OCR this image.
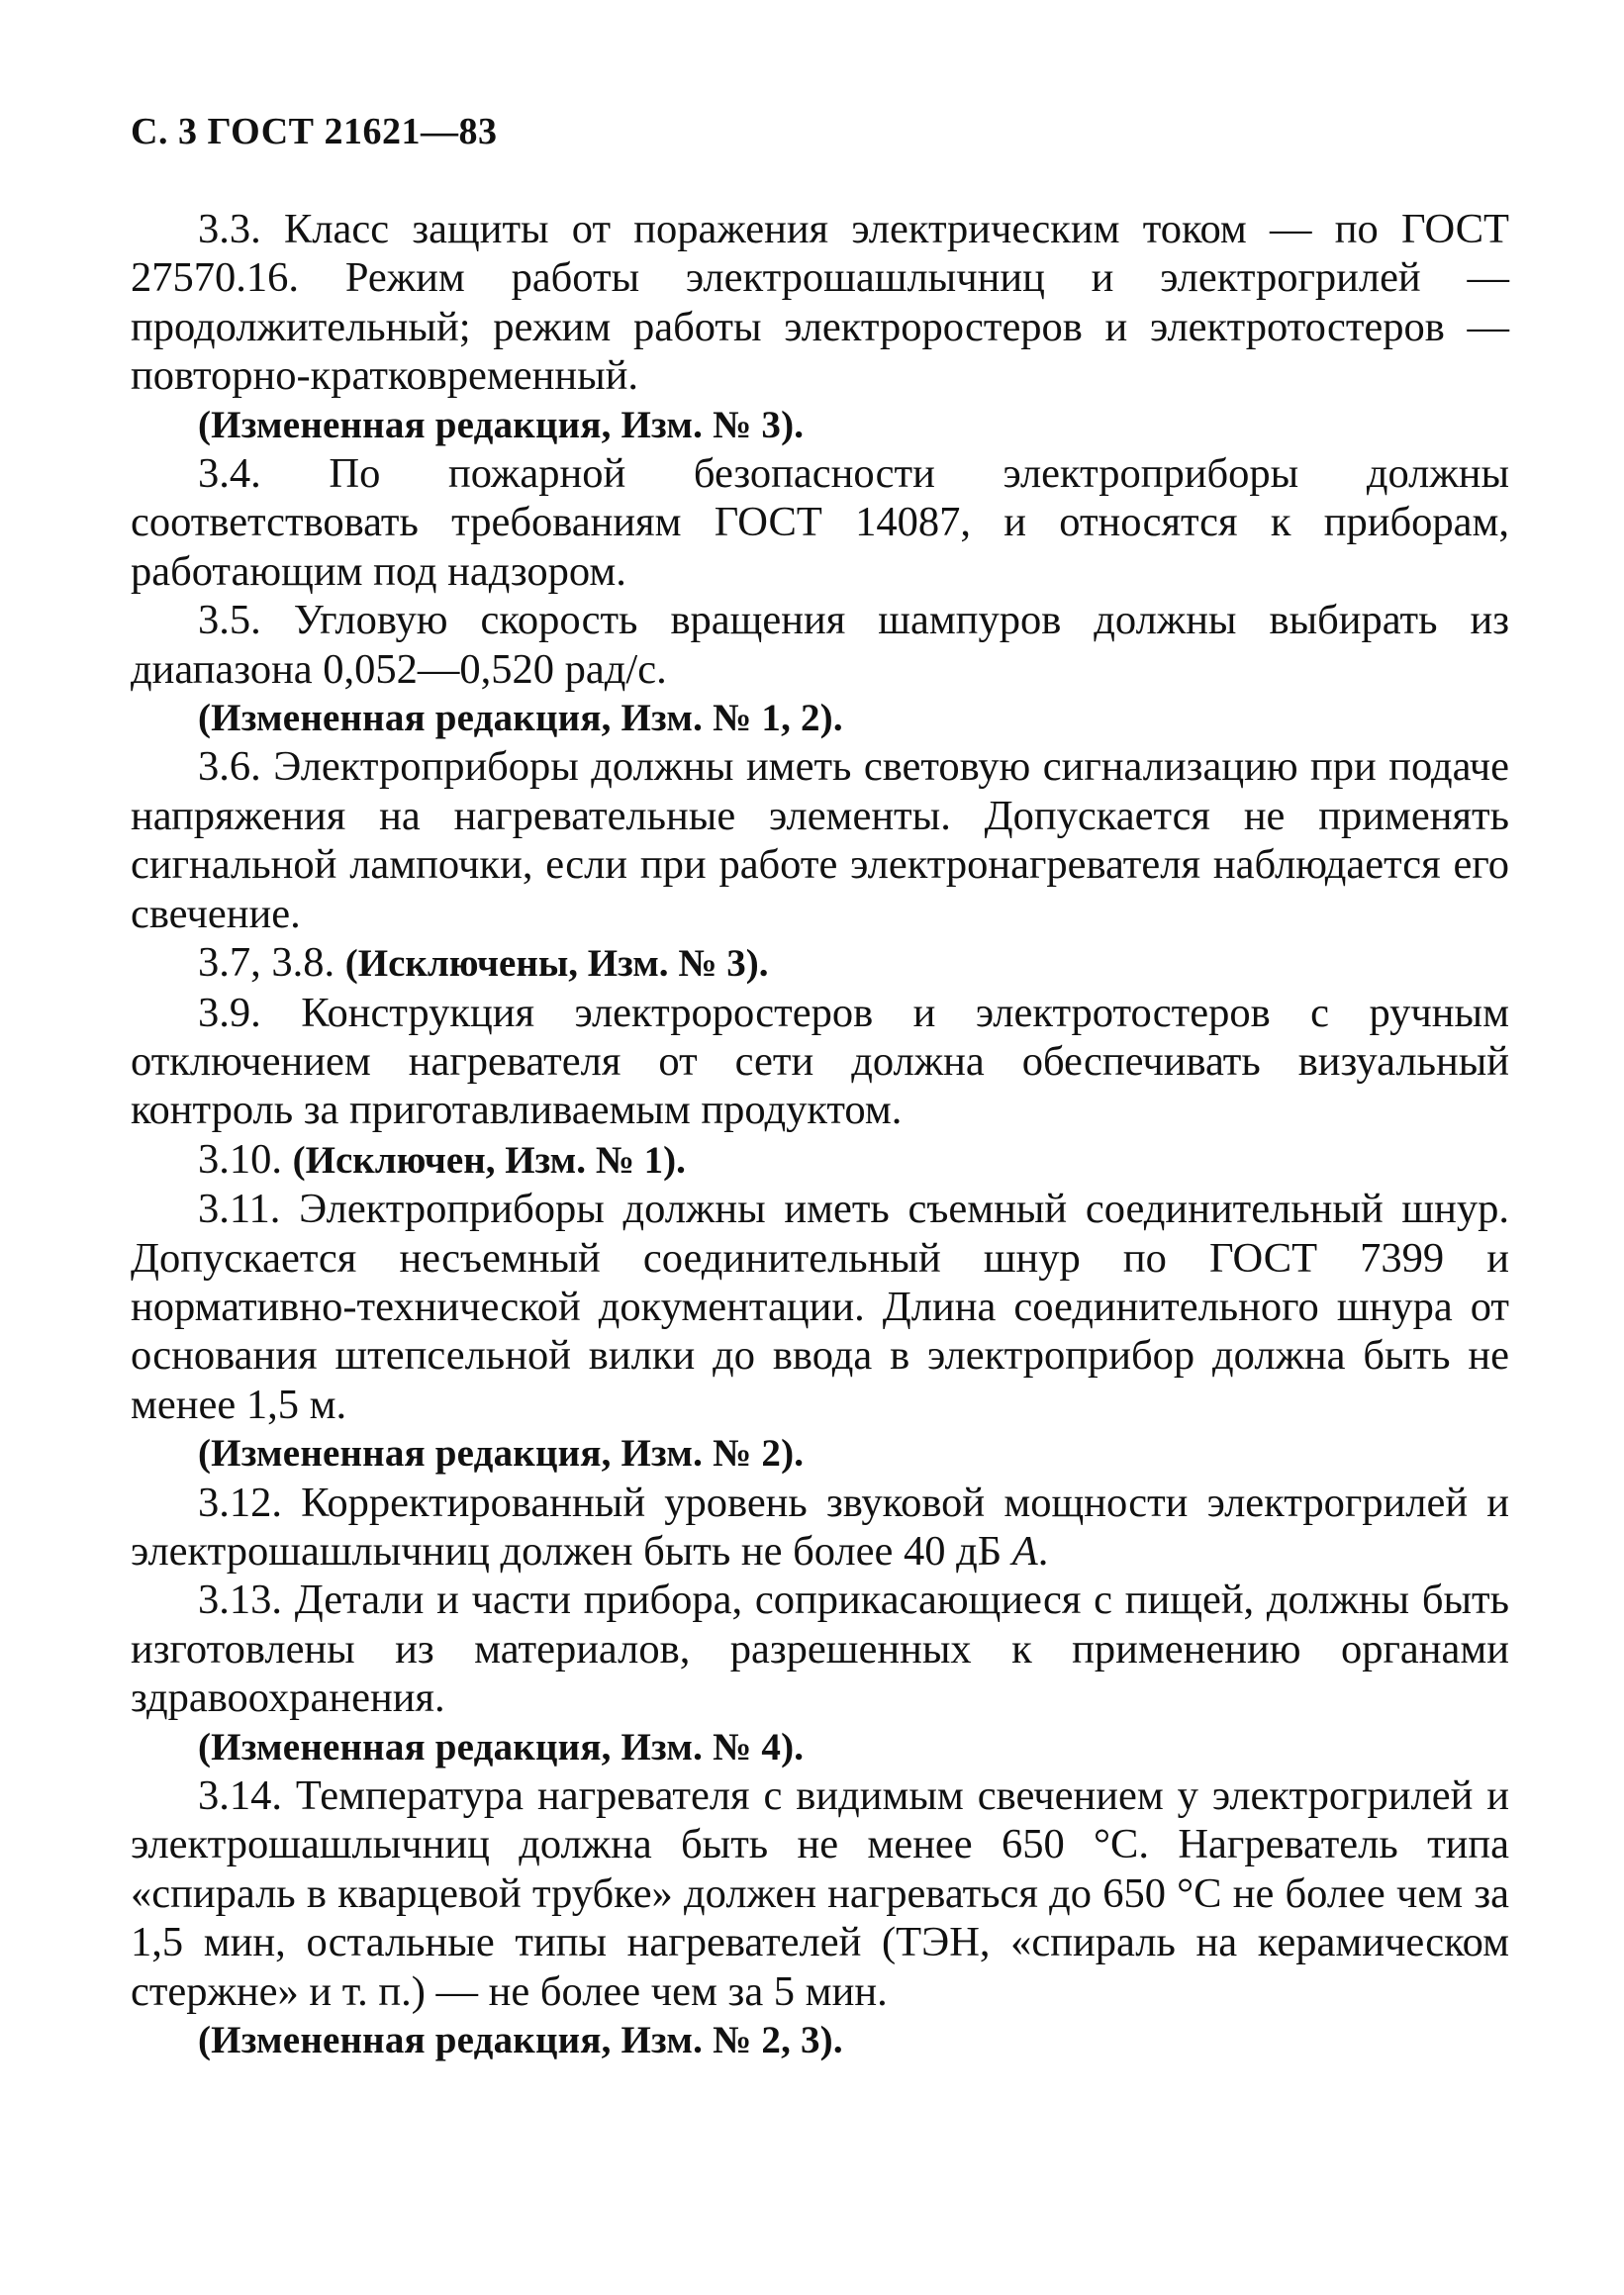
С. 3 ГОСТ 21621—83

3.3. Класс защиты от поражения электрическим током — по ГОСТ 27570.16. Режим работы электрошашлычниц и электрогрилей — продолжительный; режим работы электроростеров и электротостеров — повторно-кратковременный.

(Измененная редакция, Изм. № 3).

3.4. По пожарной безопасности электроприборы должны соответствовать требованиям ГОСТ 14087, и относятся к приборам, работающим под надзором.

3.5. Угловую скорость вращения шампуров должны выбирать из диапазона 0,052—0,520 рад/с.

(Измененная редакция, Изм. № 1, 2).

3.6. Электроприборы должны иметь световую сигнализацию при подаче напряжения на нагревательные элементы. Допускается не применять сигнальной лампочки, если при работе электронагревателя наблюдается его свечение.

3.7, 3.8. (Исключены, Изм. № 3).

3.9. Конструкция электроростеров и электротостеров с ручным отключением нагревателя от сети должна обеспечивать визуальный контроль за приготавливаемым продуктом.

3.10. (Исключен, Изм. № 1).

3.11. Электроприборы должны иметь съемный соединительный шнур. Допускается несъемный соединительный шнур по ГОСТ 7399 и нормативно-технической документации. Длина соединительного шнура от основания штепсельной вилки до ввода в электроприбор должна быть не менее 1,5 м.

(Измененная редакция, Изм. № 2).

3.12. Корректированный уровень звуковой мощности электрогрилей и электрошашлычниц должен быть не более 40 дБ A.

3.13. Детали и части прибора, соприкасающиеся с пищей, должны быть изготовлены из материалов, разрешенных к применению органами здравоохранения.

(Измененная редакция, Изм. № 4).

3.14. Температура нагревателя с видимым свечением у электрогрилей и электрошашлычниц должна быть не менее 650 °С. Нагреватель типа «спираль в кварцевой трубке» должен нагреваться до 650 °С не более чем за 1,5 мин, остальные типы нагревателей (ТЭН, «спираль на керамическом стержне» и т. п.) — не более чем за 5 мин.

(Измененная редакция, Изм. № 2, 3).
